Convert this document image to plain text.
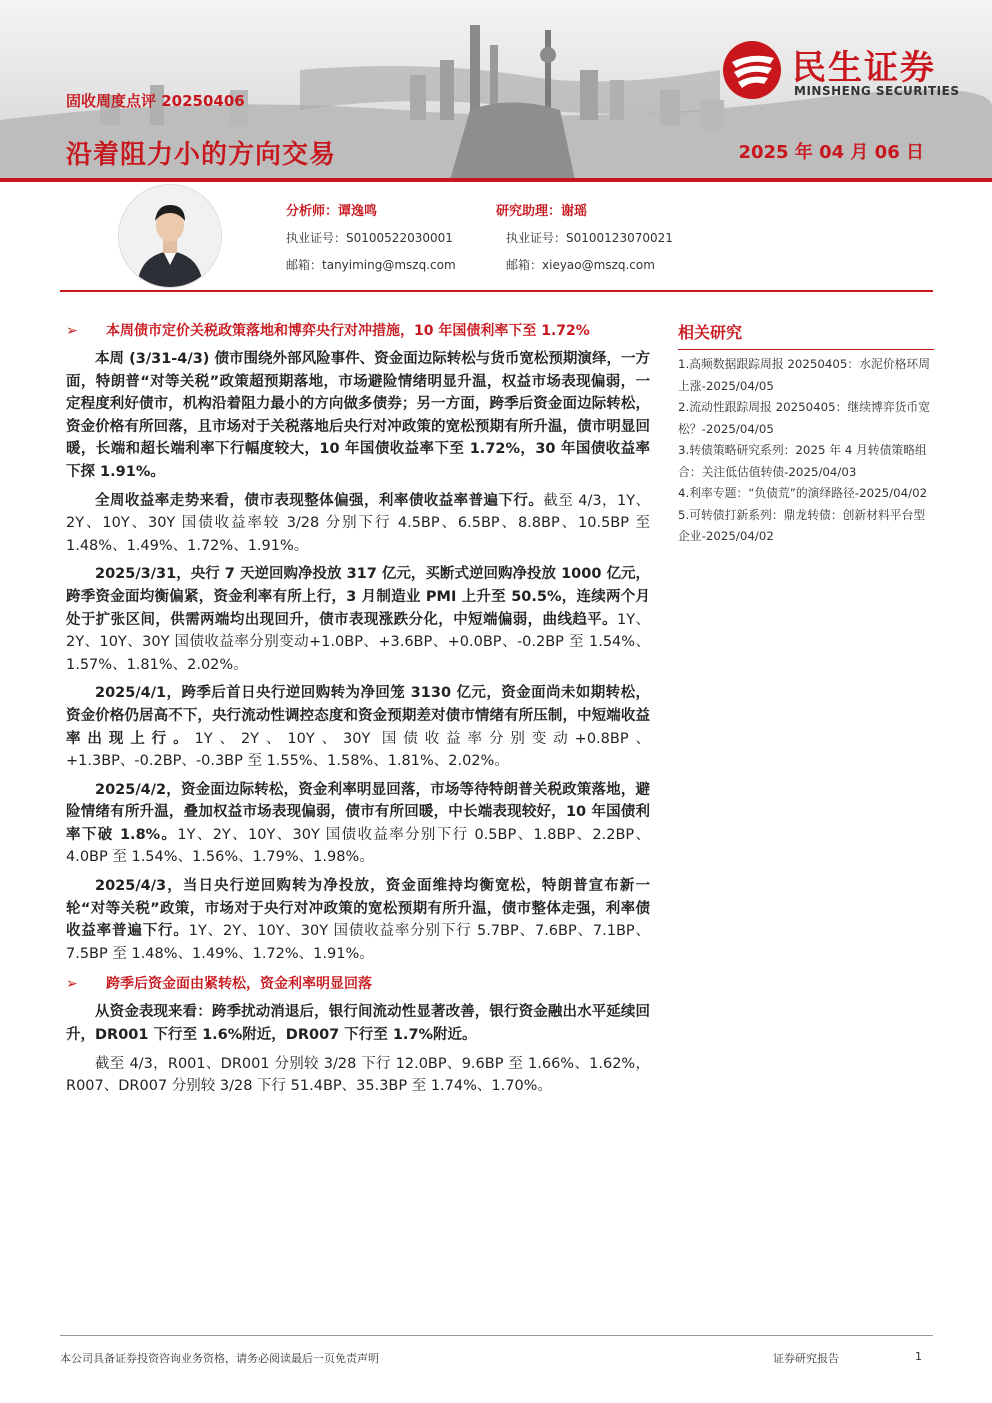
民生证券
MINSHENG SECURITIES
固收周度点评 20250406
沿着阻力小的方向交易	2025 年 04 月 06 日
分析师：谭逸鸣
执业证号：S0100522030001
邮箱：tanyiming@mszq.com
研究助理：谢瑶
执业证号：S0100123070021
邮箱：xieyao@mszq.com
➢	本周债市定价关税政策落地和博弈央行对冲措施，10 年国债利率下至 1.72%
本周 (3/31-4/3) 债市围绕外部风险事件、资金面边际转松与货币宽松预期演绎，一方面，特朗普“对等关税”政策超预期落地，市场避险情绪明显升温，权益市场表现偏弱，一定程度利好债市，机构沿着阻力最小的方向做多债券；另一方面，跨季后资金面边际转松，资金价格有所回落，且市场对于关税落地后央行对冲政策的宽松预期有所升温，债市明显回暖，长端和超长端利率下行幅度较大，10 年国债收益率下至 1.72%，30 年国债收益率下探 1.91%。
全周收益率走势来看，债市表现整体偏强，利率债收益率普遍下行。截至 4/3，1Y、2Y、10Y、30Y 国债收益率较 3/28 分别下行 4.5BP、6.5BP、8.8BP、10.5BP 至 1.48%、1.49%、1.72%、1.91%。
2025/3/31，央行 7 天逆回购净投放 317 亿元，买断式逆回购净投放 1000 亿元，跨季资金面均衡偏紧，资金利率有所上行，3 月制造业 PMI 上升至 50.5%，连续两个月处于扩张区间，供需两端均出现回升，债市表现涨跌分化，中短端偏弱，曲线趋平。1Y、2Y、10Y、30Y 国债收益率分别变动+1.0BP、+3.6BP、+0.0BP、-0.2BP 至 1.54%、1.57%、1.81%、2.02%。
2025/4/1，跨季后首日央行逆回购转为净回笼 3130 亿元，资金面尚未如期转松，资金价格仍居高不下，央行流动性调控态度和资金预期差对债市情绪有所压制，中短端收益率出现上行。1Y、2Y、10Y、30Y 国债收益率分别变动+0.8BP、+1.3BP、-0.2BP、-0.3BP 至 1.55%、1.58%、1.81%、2.02%。
2025/4/2，资金面边际转松，资金利率明显回落，市场等待特朗普关税政策落地，避险情绪有所升温，叠加权益市场表现偏弱，债市有所回暖，中长端表现较好，10 年国债利率下破 1.8%。1Y、2Y、10Y、30Y 国债收益率分别下行 0.5BP、1.8BP、2.2BP、4.0BP 至 1.54%、1.56%、1.79%、1.98%。
2025/4/3，当日央行逆回购转为净投放，资金面维持均衡宽松，特朗普宣布新一轮“对等关税”政策，市场对于央行对冲政策的宽松预期有所升温，债市整体走强，利率债收益率普遍下行。1Y、2Y、10Y、30Y 国债收益率分别下行 5.7BP、7.6BP、7.1BP、7.5BP 至 1.48%、1.49%、1.72%、1.91%。
➢	跨季后资金面由紧转松，资金利率明显回落
从资金表现来看：跨季扰动消退后，银行间流动性显著改善，银行资金融出水平延续回升，DR001 下行至 1.6%附近，DR007 下行至 1.7%附近。
截至 4/3，R001、DR001 分别较 3/28 下行 12.0BP、9.6BP 至 1.66%、1.62%，R007、DR007 分别较 3/28 下行 51.4BP、35.3BP 至 1.74%、1.70%。
相关研究
1.高频数据跟踪周报 20250405：水泥价格环周上涨-2025/04/05
2.流动性跟踪周报 20250405：继续博弈货币宽松？-2025/04/05
3.转债策略研究系列：2025 年 4 月转债策略组合：关注低估值转债-2025/04/03
4.利率专题：“负债荒”的演绎路径-2025/04/02
5.可转债打新系列：鼎龙转债：创新材料平台型企业-2025/04/02
本公司具备证券投资咨询业务资格，请务必阅读最后一页免责声明	证券研究报告	1
